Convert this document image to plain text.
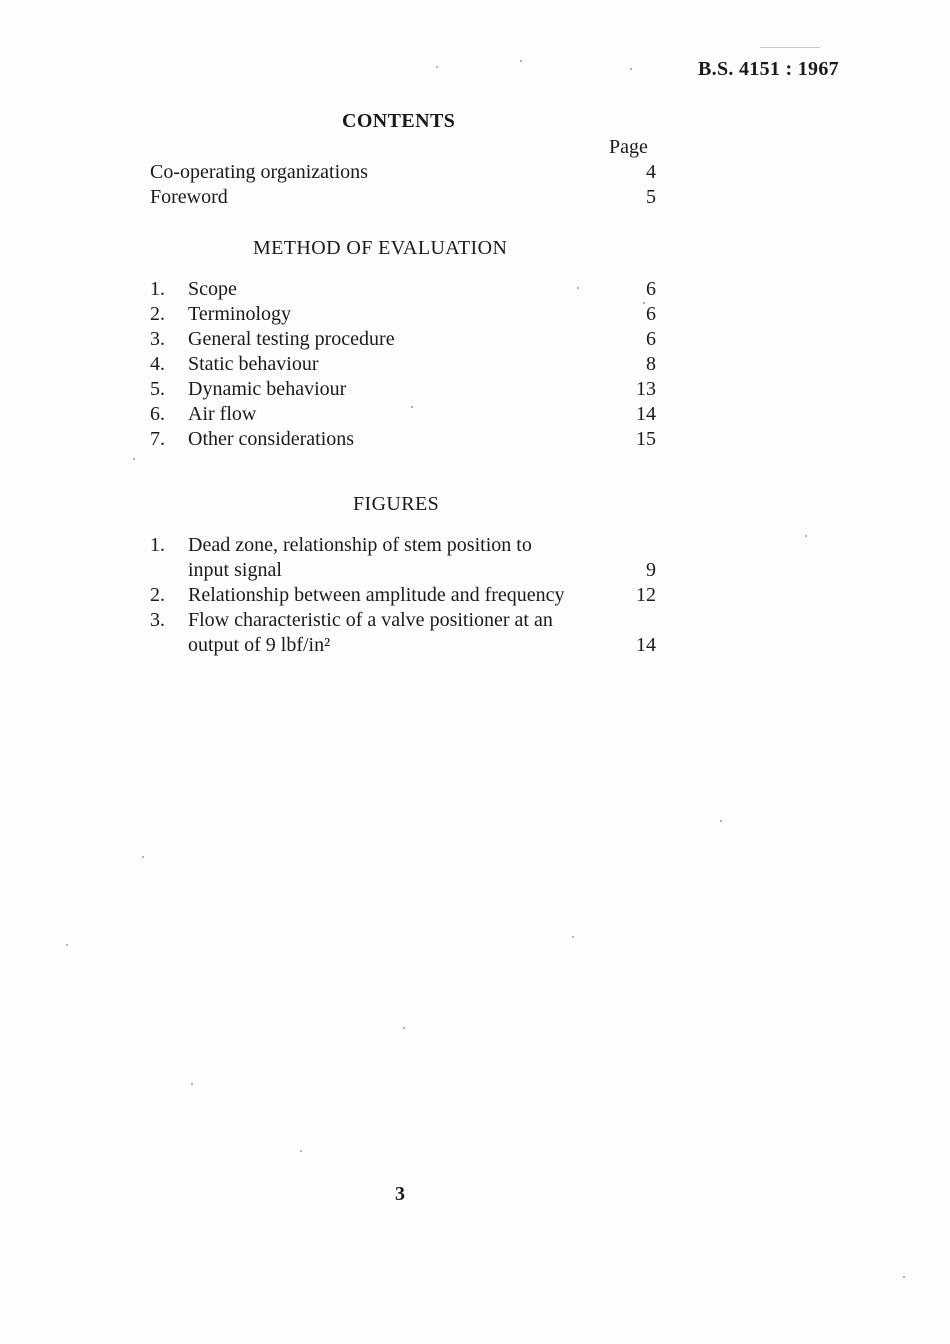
B.S. 4151 : 1967
CONTENTS
Page
Co-operating organizations	4
Foreword	5
METHOD OF EVALUATION
1.	Scope	6
2.	Terminology	6
3.	General testing procedure	6
4.	Static behaviour	8
5.	Dynamic behaviour	13
6.	Air flow	14
7.	Other considerations	15
FIGURES
1.	Dead zone, relationship of stem position to
input signal	9
2.	Relationship between amplitude and frequency	12
3.	Flow characteristic of a valve positioner at an
output of 9 lbf/in²	14
3
